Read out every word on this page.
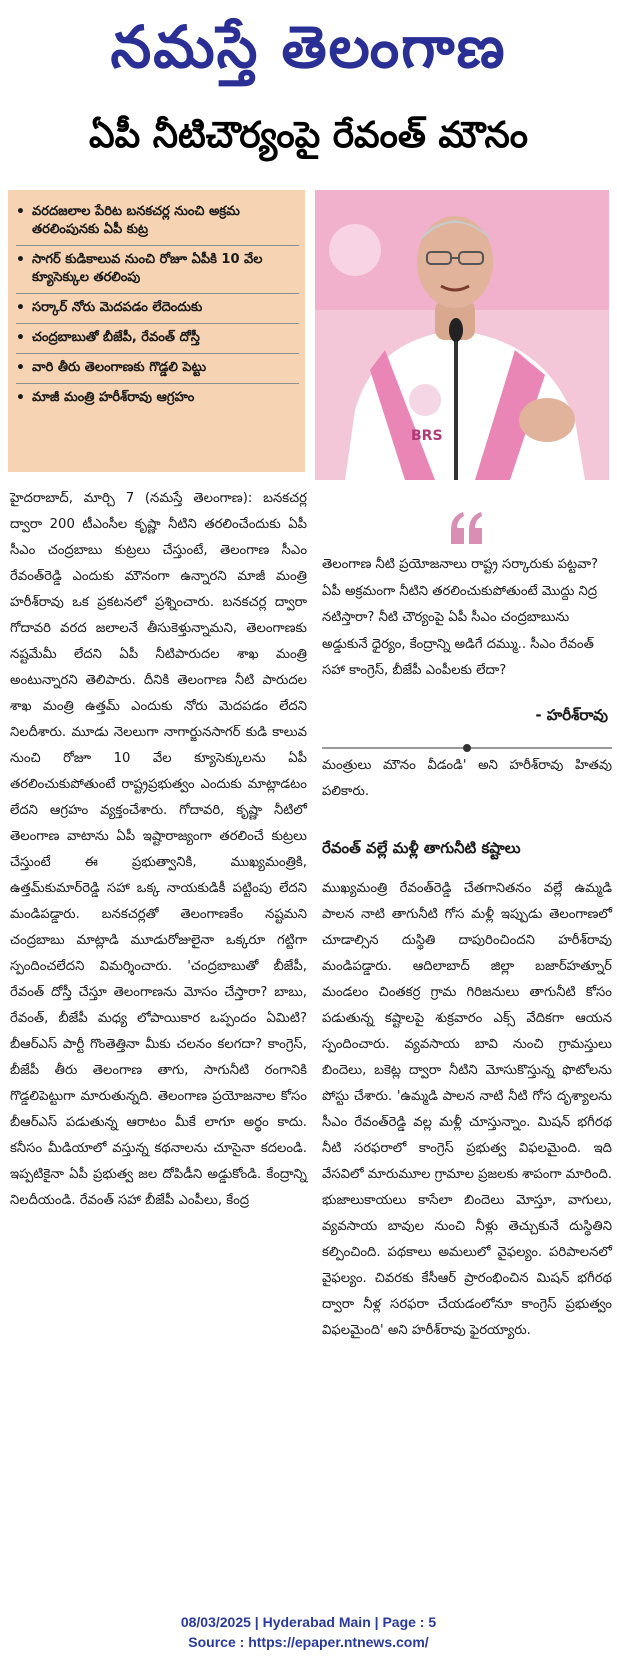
నమస్తే తెలంగాణ
ఏపీ నీటిచౌర్యంపై రేవంత్ మౌనం
• వరదజలాల పేరిట బనకచర్ల నుంచి అక్రమ తరలింపునకు ఏపీ కుట్ర
• సాగర్ కుడికాలువ నుంచి రోజూ ఏపీకి 10 వేల క్యూసెక్కుల తరలింపు
• సర్కార్ నోరు మెదపడం లేదెందుకు
• చంద్రబాబుతో బీజేపీ, రేవంత్ దోస్తీ
• వారి తీరు తెలంగాణకు గొడ్డలి పెట్టు
• మాజీ మంత్రి హరీశ్‌రావు ఆగ్రహం
BRS
హైదరాబాద్, మార్చి 7 (నమస్తే తెలంగాణ): బనకచర్ల ద్వారా 200 టీఎంసీల కృష్ణా నీటిని తరలించేందుకు ఏపీ సీఎం చంద్రబాబు కుట్రలు చేస్తుంటే, తెలంగాణ సీఎం రేవంత్‌రెడ్డి ఎందుకు మౌనంగా ఉన్నారని మాజీ మంత్రి హరీశ్‌రావు ఒక ప్రకటనలో ప్రశ్నించారు. బనకచర్ల ద్వారా గోదావరి వరద జలాలనే తీసుకెళ్తున్నామని, తెలంగాణకు నష్టమేమీ లేదని ఏపీ నీటిపారుదల శాఖ మంత్రి అంటున్నారని తెలిపారు. దీనికి తెలంగాణ నీటి పారుదల శాఖ మంత్రి ఉత్తమ్ ఎందుకు నోరు మెదపడం లేదని నిలదీశారు. మూడు నెలలుగా నాగార్జునసాగర్ కుడి కాలువ నుంచి రోజూ 10 వేల క్యూసెక్కులను ఏపీ తరలించుకుపోతుంటే రాష్ట్రప్రభుత్వం ఎందుకు మాట్లాడటం లేదని ఆగ్రహం వ్యక్తంచేశారు. గోదావరి, కృష్ణా నీటిలో తెలంగాణ వాటాను ఏపీ ఇష్టారాజ్యంగా తరలించే కుట్రలు చేస్తుంటే ఈ ప్రభుత్వానికి, ముఖ్యమంత్రికి, ఉత్తమ్‌కుమార్‌రెడ్డి సహా ఒక్క నాయకుడికీ పట్టింపు లేదని మండిపడ్డారు. బనకచర్లతో తెలంగాణకేం నష్టమని చంద్రబాబు మాట్లాడి మూడురోజులైనా ఒక్కరూ గట్టిగా స్పందించలేదని విమర్శించారు. 'చంద్రబాబుతో బీజేపీ, రేవంత్ దోస్తీ చేస్తూ తెలంగాణను మోసం చేస్తారా? బాబు, రేవంత్, బీజేపీ మధ్య లోపాయికార ఒప్పందం ఏమిటి? బీఆర్‌ఎస్ పార్టీ గొంతెత్తినా మీకు చలనం కలగదా? కాంగ్రెస్, బీజేపీ తీరు తెలంగాణ తాగు, సాగునీటి రంగానికి గొడ్డలిపెట్టుగా మారుతున్నది. తెలంగాణ ప్రయోజనాల కోసం బీఆర్‌ఎస్ పడుతున్న ఆరాటం మీకే లాగూ అర్థం కాదు. కనీసం మీడియాలో వస్తున్న కథనాలను చూసైనా కదలండి. ఇప్పటికైనా ఏపీ ప్రభుత్వ జల దోపిడీని అడ్డుకోండి. కేంద్రాన్ని నిలదీయండి. రేవంత్ సహా బీజేపీ ఎంపీలు, కేంద్ర
తెలంగాణ నీటి ప్రయోజనాలు రాష్ట్ర సర్కారుకు పట్టవా? ఏపీ అక్రమంగా నీటిని తరలించుకుపోతుంటే మొద్దు నిద్ర నటిస్తారా? నీటి చౌర్యంపై ఏపీ సీఎం చంద్రబాబును అడ్డుకునే ధైర్యం, కేంద్రాన్ని అడిగే దమ్ము.. సీఎం రేవంత్ సహా కాంగ్రెస్, బీజేపీ ఎంపీలకు లేదా?
- హరీశ్‌రావు
మంత్రులు మౌనం వీడండి' అని హరీశ్‌రావు హితవు పలికారు.
రేవంత్ వల్లే మళ్లీ తాగునీటి కష్టాలు
ముఖ్యమంత్రి రేవంత్‌రెడ్డి చేతగానితనం వల్లే ఉమ్మడి పాలన నాటి తాగునీటి గోస మళ్లీ ఇప్పుడు తెలంగాణలో చూడాల్సిన దుస్థితి దాపురించిందని హరీశ్‌రావు మండిపడ్డారు. ఆదిలాబాద్ జిల్లా బజార్‌హత్నూర్ మండలం చింతకర్ర గ్రామ గిరిజనులు తాగునీటి కోసం పడుతున్న కష్టాలపై శుక్రవారం ఎక్స్ వేదికగా ఆయన స్పందించారు. వ్యవసాయ బావి నుంచి గ్రామస్తులు బిందెలు, బకెట్ల ద్వారా నీటిని మోసుకొస్తున్న ఫొటోలను పోస్టు చేశారు. 'ఉమ్మడి పాలన నాటి నీటి గోస దృశ్యాలను సీఎం రేవంత్‌రెడ్డి వల్ల మళ్లీ చూస్తున్నాం. మిషన్ భగీరథ నీటి సరఫరాలో కాంగ్రెస్ ప్రభుత్వ విఫలమైంది. ఇది వేసవిలో మారుమూల గ్రామాల ప్రజలకు శాపంగా మారింది. భుజాలుకాయలు కాసేలా బిందెలు మోస్తూ, వాగులు, వ్యవసాయ బావుల నుంచి నీళ్లు తెచ్చుకునే దుస్థితిని కల్పించింది. పథకాలు అమలులో వైఫల్యం. పరిపాలనలో వైఫల్యం. చివరకు కేసీఆర్ ప్రారంభించిన మిషన్ భగీరథ ద్వారా నీళ్ల సరఫరా చేయడంలోనూ కాంగ్రెస్ ప్రభుత్వం విఫలమైంది' అని హరీశ్‌రావు ఫైరయ్యారు.
08/03/2025 | Hyderabad Main | Page : 5
Source : https://epaper.ntnews.com/
